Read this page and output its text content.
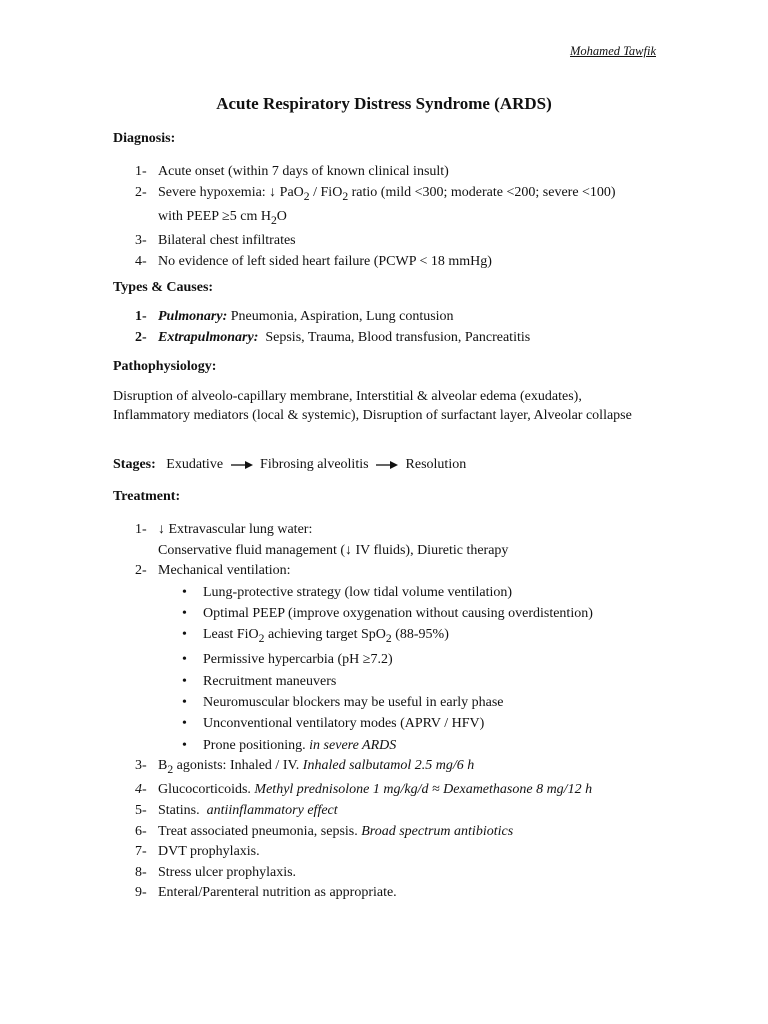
Mohamed Tawfik
Acute Respiratory Distress Syndrome (ARDS)
Diagnosis:
1- Acute onset (within 7 days of known clinical insult)
2- Severe hypoxemia: ↓ PaO$_2$ / FiO$_2$ ratio (mild <300; moderate <200; severe <100)
with PEEP ≥5 cm $H_2O$
3- Bilateral chest infiltrates
4- No evidence of left sided heart failure (PCWP < 18 mmHg)
Types & Causes:
1- Pulmonary: Pneumonia, Aspiration, Lung contusion
2- Extrapulmonary:  Sepsis, Trauma, Blood transfusion, Pancreatitis
Pathophysiology:
Disruption of alveolo-capillary membrane, Interstitial & alveolar edema (exudates), Inflammatory mediators (local & systemic), Disruption of surfactant layer, Alveolar collapse
Stages: Exudative	Fibrosing alveolitis	Resolution
Treatment:
1- ↓ Extravascular lung water:
Conservative fluid management (↓ IV fluids), Diuretic therapy
2- Mechanical ventilation:
• Lung-protective strategy (low tidal volume ventilation)
• Optimal PEEP (improve oxygenation without causing overdistention)
• Least FiO$_2$ achieving target SpO$_2$ (88-95%)
• Permissive hypercarbia (pH ≥7.2)
• Recruitment maneuvers
• Neuromuscular blockers may be useful in early phase
• Unconventional ventilatory modes (APRV / HFV)
• Prone positioning. in severe ARDS
3- $B_2$ agonists: Inhaled / IV. Inhaled salbutamol 2.5 mg/6 h
4- Glucocorticoids. Methyl prednisolone 1 mg/kg/d ≈ Dexamethasone 8 mg/12 h
5- Statins.  antiinflammatory effect
6- Treat associated pneumonia, sepsis. Broad spectrum antibiotics
7- DVT prophylaxis.
8- Stress ulcer prophylaxis.
9- Enteral/Parenteral nutrition as appropriate.
